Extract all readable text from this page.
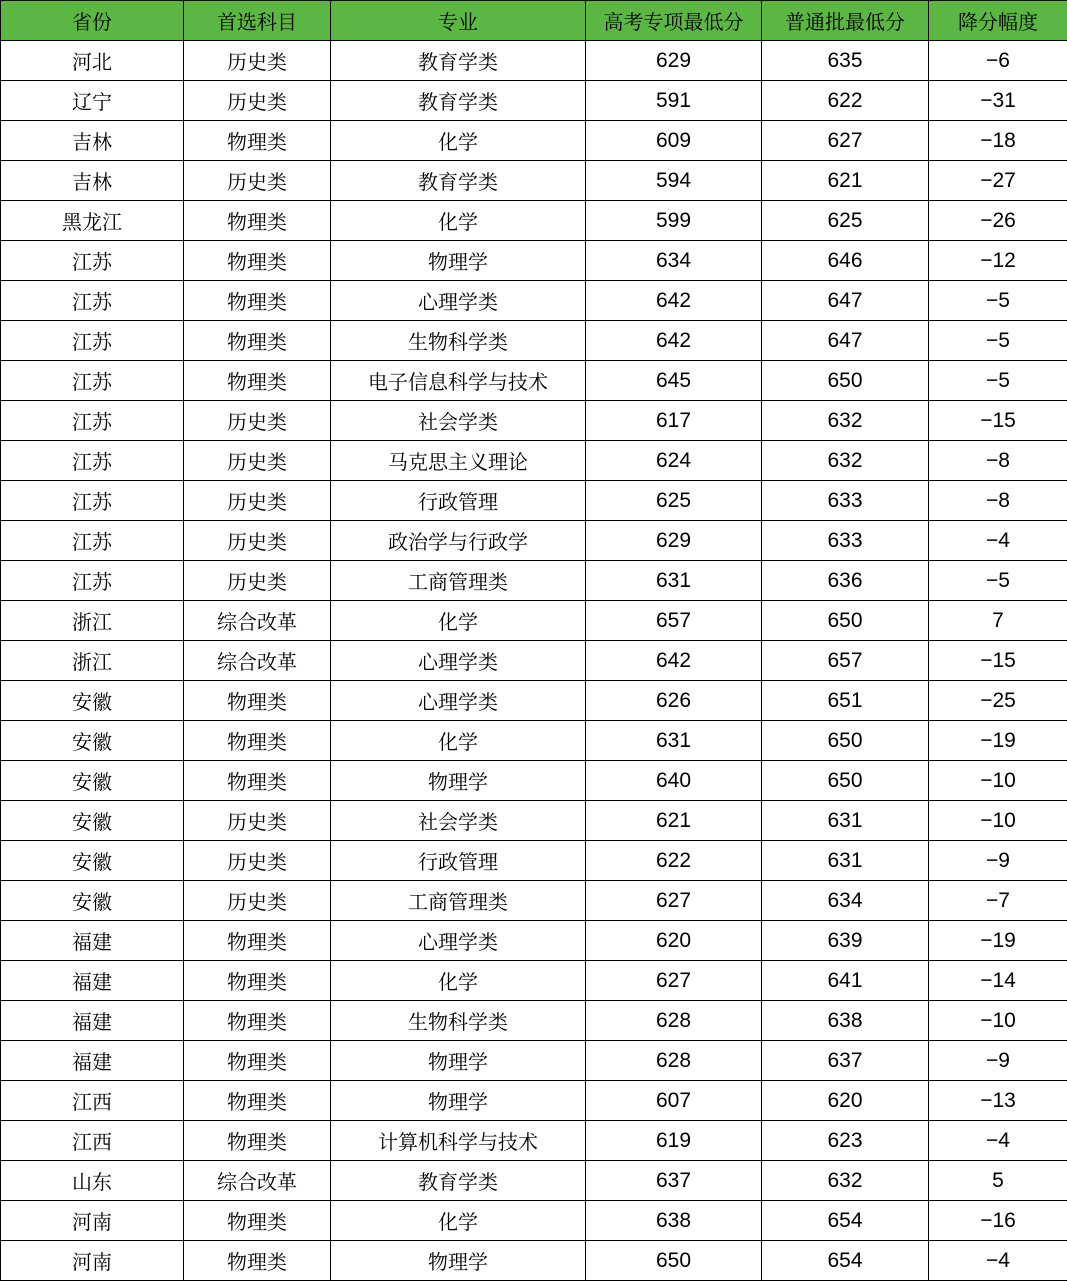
省份	首选科目	专业	高考专项最低分	普通批最低分	降分幅度
河北	历史类	教育学类	629	635	−6
辽宁	历史类	教育学类	591	622	−31
吉林	物理类	化学	609	627	−18
吉林	历史类	教育学类	594	621	−27
黑龙江	物理类	化学	599	625	−26
江苏	物理类	物理学	634	646	−12
江苏	物理类	心理学类	642	647	−5
江苏	物理类	生物科学类	642	647	−5
江苏	物理类	电子信息科学与技术	645	650	−5
江苏	历史类	社会学类	617	632	−15
江苏	历史类	马克思主义理论	624	632	−8
江苏	历史类	行政管理	625	633	−8
江苏	历史类	政治学与行政学	629	633	−4
江苏	历史类	工商管理类	631	636	−5
浙江	综合改革	化学	657	650	7
浙江	综合改革	心理学类	642	657	−15
安徽	物理类	心理学类	626	651	−25
安徽	物理类	化学	631	650	−19
安徽	物理类	物理学	640	650	−10
安徽	历史类	社会学类	621	631	−10
安徽	历史类	行政管理	622	631	−9
安徽	历史类	工商管理类	627	634	−7
福建	物理类	心理学类	620	639	−19
福建	物理类	化学	627	641	−14
福建	物理类	生物科学类	628	638	−10
福建	物理类	物理学	628	637	−9
江西	物理类	物理学	607	620	−13
江西	物理类	计算机科学与技术	619	623	−4
山东	综合改革	教育学类	637	632	5
河南	物理类	化学	638	654	−16
河南	物理类	物理学	650	654	−4
